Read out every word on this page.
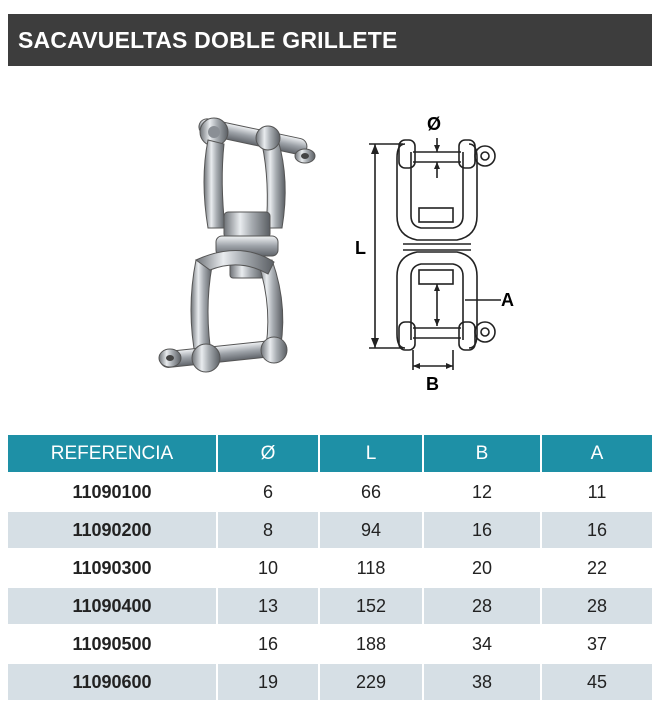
SACAVUELTAS DOBLE GRILLETE
Ø
L
A
B
REFERENCIA	Ø	L	B	A
11090100	6	66	12	11
11090200	8	94	16	16
11090300	10	118	20	22
11090400	13	152	28	28
11090500	16	188	34	37
11090600	19	229	38	45
